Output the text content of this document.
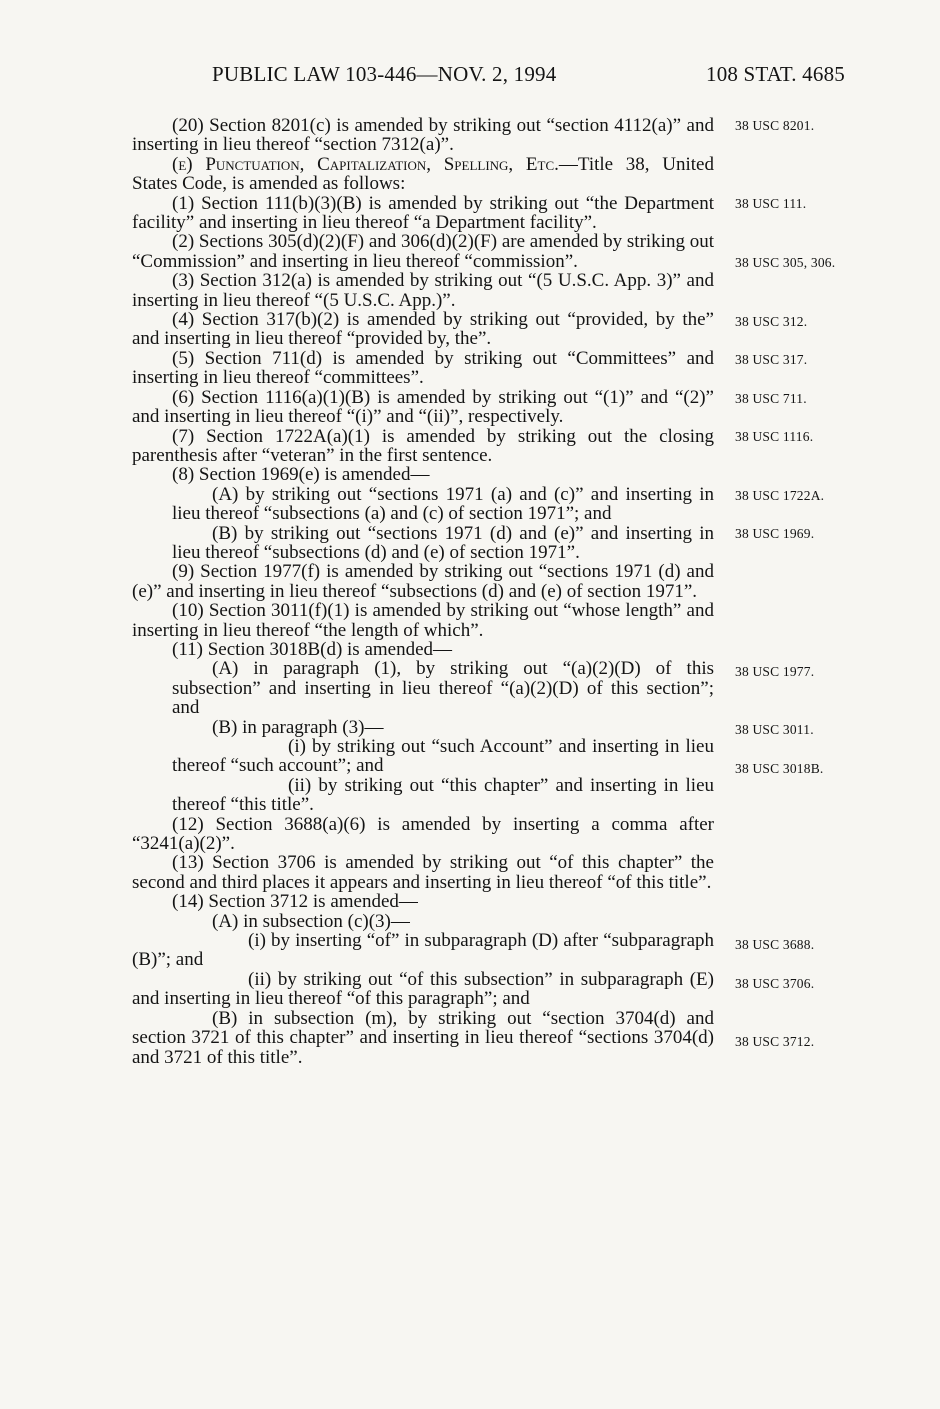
PUBLIC LAW 103-446—NOV. 2, 1994	108 STAT. 4685

(20) Section 8201(c) is amended by striking out “section 4112(a)” and inserting in lieu thereof “section 7312(a)”.

(e) Punctuation, Capitalization, Spelling, Etc.—Title 38, United States Code, is amended as follows:

(1) Section 111(b)(3)(B) is amended by striking out “the Department facility” and inserting in lieu thereof “a Department facility”.

(2) Sections 305(d)(2)(F) and 306(d)(2)(F) are amended by striking out “Commission” and inserting in lieu thereof “commission”.

(3) Section 312(a) is amended by striking out “(5 U.S.C. App. 3)” and inserting in lieu thereof “(5 U.S.C. App.)”.

(4) Section 317(b)(2) is amended by striking out “provided, by the” and inserting in lieu thereof “provided by, the”.

(5) Section 711(d) is amended by striking out “Committees” and inserting in lieu thereof “committees”.

(6) Section 1116(a)(1)(B) is amended by striking out “(1)” and “(2)” and inserting in lieu thereof “(i)” and “(ii)”, respectively.

(7) Section 1722A(a)(1) is amended by striking out the closing parenthesis after “veteran” in the first sentence.

(8) Section 1969(e) is amended—

(A) by striking out “sections 1971 (a) and (c)” and inserting in lieu thereof “subsections (a) and (c) of section 1971”; and

(B) by striking out “sections 1971 (d) and (e)” and inserting in lieu thereof “subsections (d) and (e) of section 1971”.

(9) Section 1977(f) is amended by striking out “sections 1971 (d) and (e)” and inserting in lieu thereof “subsections (d) and (e) of section 1971”.

(10) Section 3011(f)(1) is amended by striking out “whose length” and inserting in lieu thereof “the length of which”.

(11) Section 3018B(d) is amended—

(A) in paragraph (1), by striking out “(a)(2)(D) of this subsection” and inserting in lieu thereof “(a)(2)(D) of this section”; and

(B) in paragraph (3)—

(i) by striking out “such Account” and inserting in lieu thereof “such account”; and

(ii) by striking out “this chapter” and inserting in lieu thereof “this title”.

(12) Section 3688(a)(6) is amended by inserting a comma after “3241(a)(2)”.

(13) Section 3706 is amended by striking out “of this chapter” the second and third places it appears and inserting in lieu thereof “of this title”.

(14) Section 3712 is amended—

(A) in subsection (c)(3)—

(i) by inserting “of” in subparagraph (D) after “subparagraph (B)”; and

(ii) by striking out “of this subsection” in subparagraph (E) and inserting in lieu thereof “of this paragraph”; and

(B) in subsection (m), by striking out “section 3704(d) and section 3721 of this chapter” and inserting in lieu thereof “sections 3704(d) and 3721 of this title”.

38 USC 8201.
38 USC 111.
38 USC 305, 306.
38 USC 312.
38 USC 317.
38 USC 711.
38 USC 1116.
38 USC 1722A.
38 USC 1969.
38 USC 1977.
38 USC 3011.
38 USC 3018B.
38 USC 3688.
38 USC 3706.
38 USC 3712.
